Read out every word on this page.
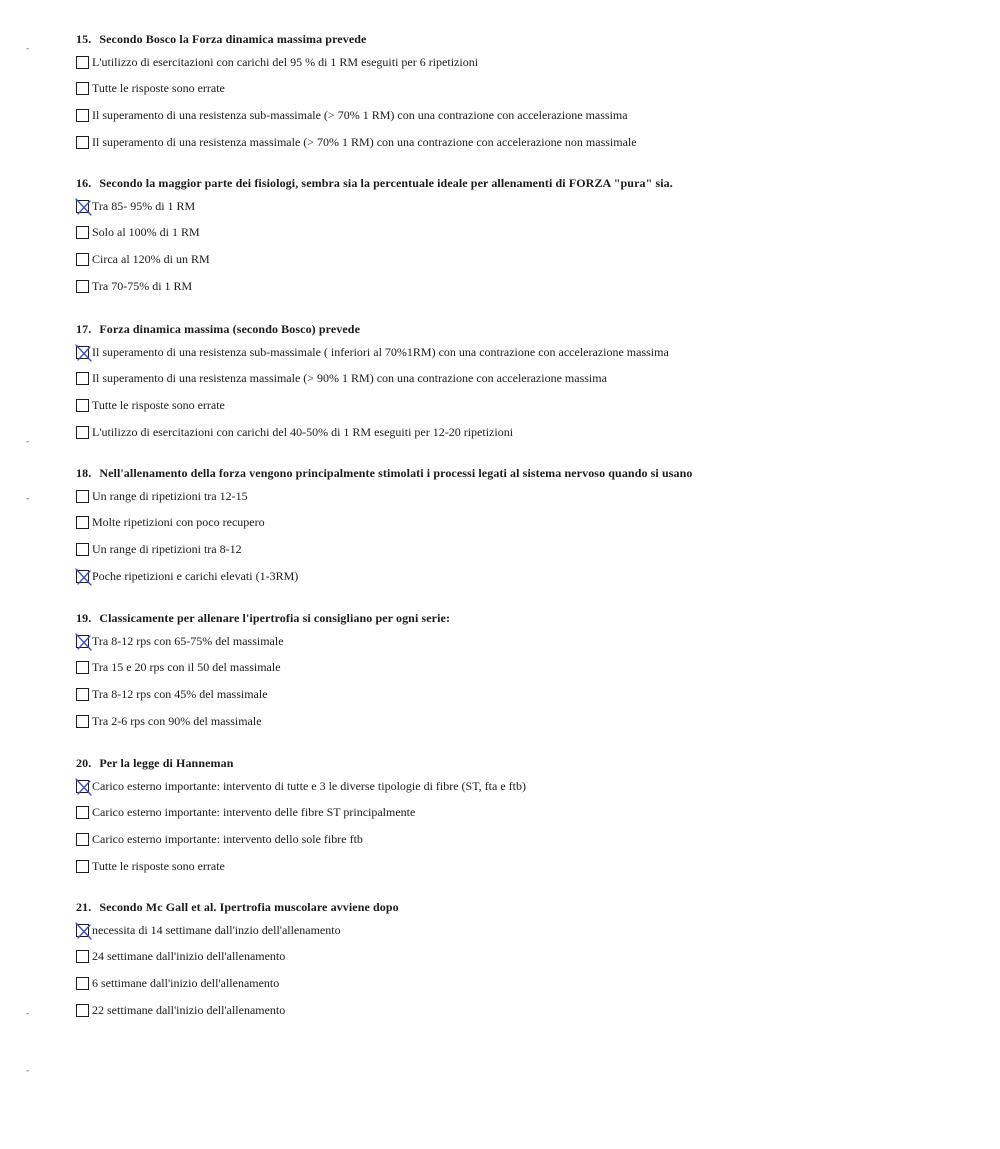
15. Secondo Bosco la Forza dinamica massima prevede
L'utilizzo di esercitazioni con carichi del 95 % di 1 RM eseguiti per 6 ripetizioni
Tutte le risposte sono errate
Il superamento di una resistenza sub-massimale (> 70% 1 RM) con una contrazione con accelerazione massima
Il superamento di una resistenza massimale (> 70% 1 RM) con una contrazione con accelerazione non massimale
16. Secondo la maggior parte dei fisiologi, sembra sia la percentuale ideale per allenamenti di FORZA "pura" sia.
Tra 85- 95% di 1 RM
Solo al 100% di 1 RM
Circa al 120% di un RM
Tra 70-75% di 1 RM
17. Forza dinamica massima (secondo Bosco) prevede
Il superamento di una resistenza sub-massimale ( inferiori al 70%1RM) con una contrazione con accelerazione massima
Il superamento di una resistenza massimale (> 90% 1 RM) con una contrazione con accelerazione massima
Tutte le risposte sono errate
L'utilizzo di esercitazioni con carichi del 40-50% di 1 RM eseguiti per 12-20 ripetizioni
18. Nell'allenamento della forza vengono principalmente stimolati i processi legati al sistema nervoso quando si usano
Un range di ripetizioni tra 12-15
Molte ripetizioni con poco recupero
Un range di ripetizioni tra 8-12
Poche ripetizioni e carichi elevati (1-3RM)
19. Classicamente per allenare l'ipertrofia si consigliano per ogni serie:
Tra 8-12 rps con 65-75% del massimale
Tra 15 e 20 rps con il 50 del massimale
Tra 8-12 rps con 45% del massimale
Tra 2-6 rps con 90% del massimale
20. Per la legge di Hanneman
Carico esterno importante: intervento di tutte e 3 le diverse tipologie di fibre (ST, fta e ftb)
Carico esterno importante: intervento delle fibre ST principalmente
Carico esterno importante: intervento dello sole fibre ftb
Tutte le risposte sono errate
21. Secondo Mc Gall et al. Ipertrofia muscolare avviene dopo
necessita di 14 settimane dall'inzio dell'allenamento
24 settimane dall'inizio dell'allenamento
6 settimane dall'inizio dell'allenamento
22 settimane dall'inizio dell'allenamento
-
-
-
-
-
